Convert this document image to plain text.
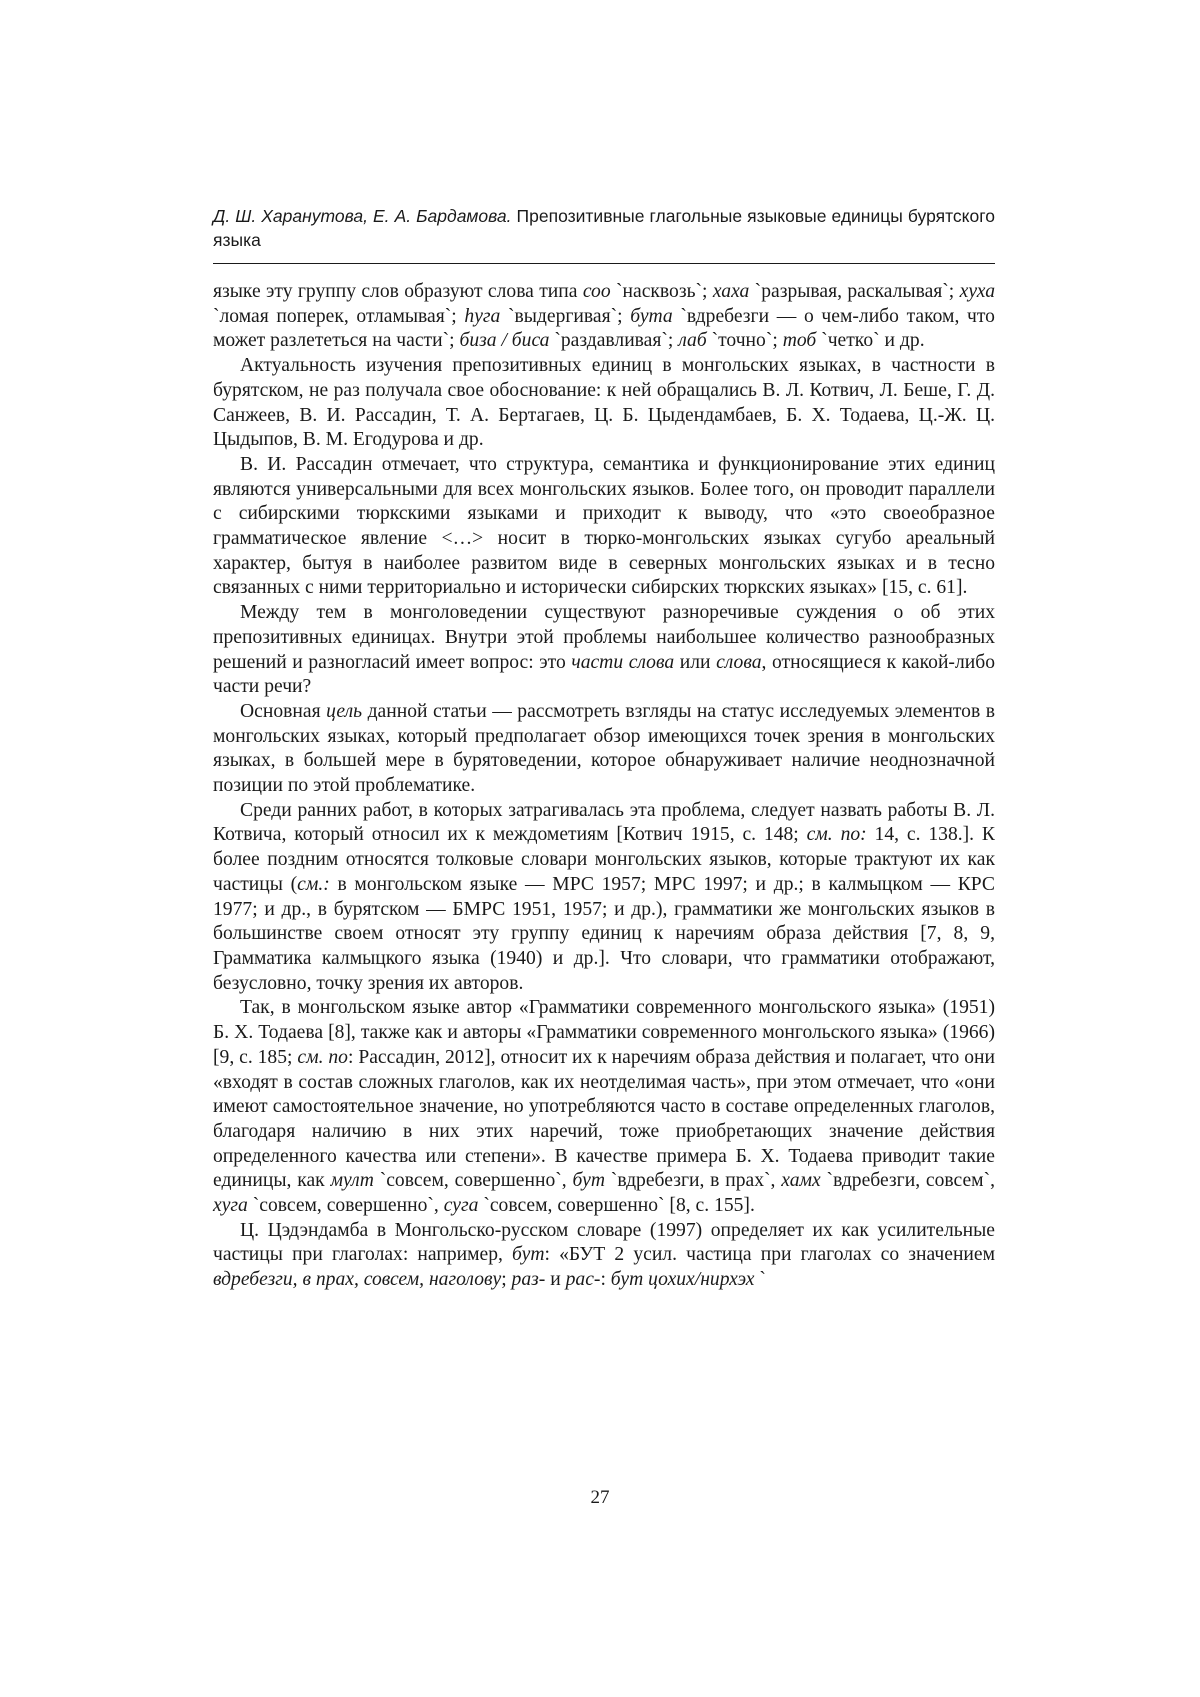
Д. Ш. Харанутова, Е. А. Бардамова. Препозитивные глагольные языковые единицы бурятского языка

языке эту группу слов образуют слова типа соо `насквозь`; хаха `разрывая, раска­лывая`; хуха `ломая поперек, отламывая`; һуга `выдергивая`; бута `вдребезги — о чем-либо таком, что может разлететься на части`; биза / биса `раздавливая`; лаб `точно`; тоб `четко` и др.

Актуальность изучения препозитивных единиц в монгольских языках, в част­ности в бурятском, не раз получала свое обоснование: к ней обращались В. Л. Котвич, Л. Беше, Г. Д. Санжеев, В. И. Рассадин, Т. А. Бертагаев, Ц. Б. Цыдендамбаев, Б. Х. Тодаева, Ц.-Ж. Ц. Цыдыпов, В. М. Егодурова и др.

В. И. Рассадин отмечает, что структура, семантика и функционирование этих единиц являются универсальными для всех монгольских языков. Более того, он проводит параллели с сибирскими тюркскими языками и приходит к выводу, что «это своеобразное грамматическое явление <…> носит в тюрко-монгольских язы­ках сугубо ареальный характер, бытуя в наиболее развитом виде в северных мон­гольских языках и в тесно связанных с ними территориально и исторически си­бирских тюркских языках» [15, с. 61].

Между тем в монголоведении существуют разноречивые суждения о об этих препозитивных единицах. Внутри этой проблемы наибольшее количество разно­образных решений и разногласий имеет вопрос: это части слова или слова, отно­сящиеся к какой-либо части речи?

Основная цель данной статьи — рассмотреть взгляды на статус исследуемых элементов в монгольских языках, который предполагает обзор имеющихся точек зрения в монгольских языках, в большей мере в бурятоведении, которое обнару­живает наличие неоднозначной позиции по этой проблематике.

Среди ранних работ, в которых затрагивалась эта проблема, следует назвать работы В. Л. Котвича, который относил их к междометиям [Котвич 1915, с. 148; см. по: 14, с. 138.]. К более поздним относятся толковые словари монгольских язы­ков, которые трактуют их как частицы (см.: в монгольском языке — МРС 1957; МРС 1997; и др.; в калмыцком — КРС 1977; и др., в бурятском — БМРС 1951, 1957; и др.), грамматики же монгольских языков в большинстве своем относят эту группу единиц к наречиям образа действия [7, 8, 9, Грамматика калмыцкого языка (1940) и др.]. Что словари, что грамматики отображают, безусловно, точку зрения их авторов.

Так, в монгольском языке автор «Грамматики современного монгольского языка» (1951) Б. Х. Тодаева [8], также как и авторы «Грамматики современного монгольского языка» (1966) [9, с. 185; см. по: Рассадин, 2012], относит их к наре­чиям образа действия и полагает, что они «входят в состав сложных глаголов, как их неотделимая часть», при этом отмечает, что «они имеют самостоятельное зна­чение, но употребляются часто в составе определенных глаголов, благодаря нали­чию в них этих наречий, тоже приобретающих значение действия определенного качества или степени». В качестве примера Б. Х. Тодаева приводит такие единицы, как мулт `совсем, совершенно`, бут `вдребезги, в прах`, хамх `вдребезги, совсем`, хуга `совсем, совершенно`, суга `совсем, совершенно` [8, с. 155].

Ц. Цэдэндамба в Монгольско-русском словаре (1997) определяет их как усили­тельные частицы при глаголах: например, бут: «БУТ 2 усил. частица при глаголах со значением вдребезги, в прах, совсем, наголову; раз- и рас-: бут цохих/нирхэх `

27
